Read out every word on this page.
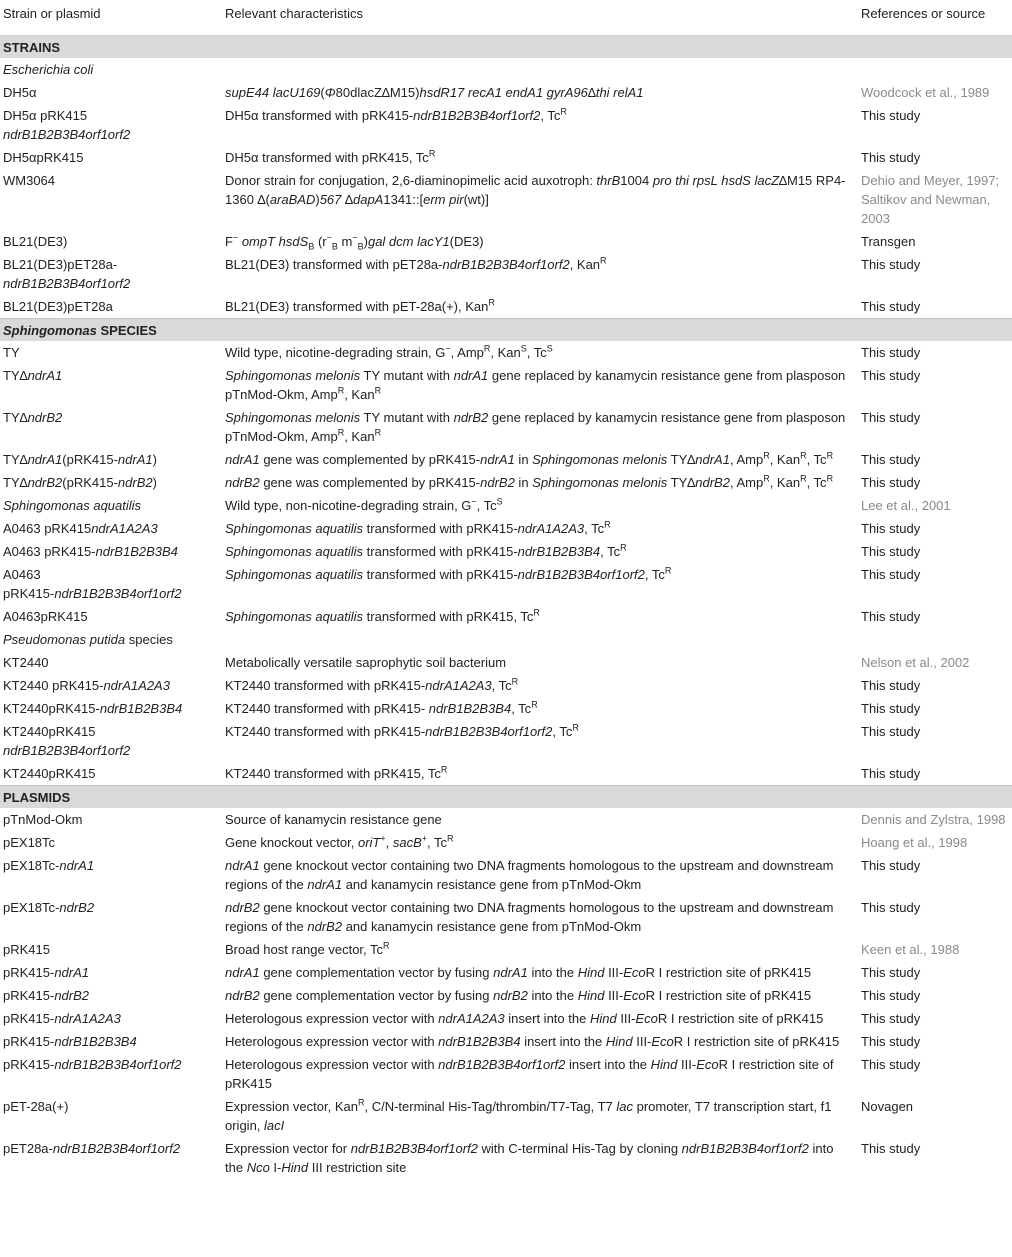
Strain or plasmid	Relevant characteristics	References or source
STRAINS		
Escherichia coli		
DH5α	supE44 lacU169(Φ80dlacZ∆M15)hsdR17 recA1 endA1 gyrA96∆thi relA1	Woodcock et al., 1989
DH5α pRK415
ndrB1B2B3B4orf1orf2	DH5α transformed with pRK415-ndrB1B2B3B4orf1orf2, $Tc^R$	This study
DH5αpRK415	DH5α transformed with pRK415, $Tc^R$	This study
WM3064	Donor strain for conjugation, 2,6-diaminopimelic acid auxotroph: thrB1004 pro thi rpsL hsdS lacZ∆M15 RP4-1360 ∆(araBAD)567 ∆dapA1341::[erm pir(wt)]	Dehio and Meyer, 1997; Saltikov and Newman, 2003
BL21(DE3)	F− ompT hsdS$_B$ ($r^-_B$ $m^-_B)gal$ dcm lacY1(DE3)	Transgen
BL21(DE3)pET28a-
ndrB1B2B3B4orf1orf2	BL21(DE3) transformed with pET28a-ndrB1B2B3B4orf1orf2, Kan$^R$	This study
BL21(DE3)pET28a	BL21(DE3) transformed with pET-28a(+), Kan$^R$	This study
Sphingomonas SPECIES		
TY	Wild type, nicotine-degrading strain, G−, Amp$^R$, Kan$^S$, $Tc^S$	This study
TY∆ndrA1	Sphingomonas melonis TY mutant with ndrA1 gene replaced by kanamycin resistance gene from plasposon pTnMod-Okm, Amp$^R$, Kan$^R$	This study
TY∆ndrB2	Sphingomonas melonis TY mutant with ndrB2 gene replaced by kanamycin resistance gene from plasposon pTnMod-Okm, Amp$^R$, Kan$^R$	This study
TY∆ndrA1(pRK415-ndrA1)	ndrA1 gene was complemented by pRK415-ndrA1 in Sphingomonas melonis TY∆ndrA1, Amp$^R$, Kan$^R$, $Tc^R$	This study
TY∆ndrB2(pRK415-ndrB2)	ndrB2 gene was complemented by pRK415-ndrB2 in Sphingomonas melonis TY∆ndrB2, Amp$^R$, Kan$^R$, $Tc^R$	This study
Sphingomonas aquatilis	Wild type, non-nicotine-degrading strain, G−, $Tc^S$	Lee et al., 2001
A0463 pRK415ndrA1A2A3	Sphingomonas aquatilis transformed with pRK415-ndrA1A2A3, $Tc^R$	This study
A0463 pRK415-ndrB1B2B3B4	Sphingomonas aquatilis transformed with pRK415-ndrB1B2B3B4, $Tc^R$	This study
A0463
pRK415-ndrB1B2B3B4orf1orf2	Sphingomonas aquatilis transformed with pRK415-ndrB1B2B3B4orf1orf2, $Tc^R$	This study
A0463pRK415	Sphingomonas aquatilis transformed with pRK415, $Tc^R$	This study
Pseudomonas putida species		
KT2440	Metabolically versatile saprophytic soil bacterium	Nelson et al., 2002
KT2440 pRK415-ndrA1A2A3	KT2440 transformed with pRK415-ndrA1A2A3, $Tc^R$	This study
KT2440pRK415-ndrB1B2B3B4	KT2440 transformed with pRK415- ndrB1B2B3B4, $Tc^R$	This study
KT2440pRK415
ndrB1B2B3B4orf1orf2	KT2440 transformed with pRK415-ndrB1B2B3B4orf1orf2, $Tc^R$	This study
KT2440pRK415	KT2440 transformed with pRK415, $Tc^R$	This study
PLASMIDS		
pTnMod-Okm	Source of kanamycin resistance gene	Dennis and Zylstra, 1998
pEX18Tc	Gene knockout vector, oriT+, sacB+, $Tc^R$	Hoang et al., 1998
pEX18Tc-ndrA1	ndrA1 gene knockout vector containing two DNA fragments homologous to the upstream and downstream regions of the ndrA1 and kanamycin resistance gene from pTnMod-Okm	This study
pEX18Tc-ndrB2	ndrB2 gene knockout vector containing two DNA fragments homologous to the upstream and downstream regions of the ndrB2 and kanamycin resistance gene from pTnMod-Okm	This study
pRK415	Broad host range vector, $Tc^R$	Keen et al., 1988
pRK415-ndrA1	ndrA1 gene complementation vector by fusing ndrA1 into the Hind III-EcoR I restriction site of pRK415	This study
pRK415-ndrB2	ndrB2 gene complementation vector by fusing ndrB2 into the Hind III-EcoR I restriction site of pRK415	This study
pRK415-ndrA1A2A3	Heterologous expression vector with ndrA1A2A3 insert into the Hind III-EcoR I restriction site of pRK415	This study
pRK415-ndrB1B2B3B4	Heterologous expression vector with ndrB1B2B3B4 insert into the Hind III-EcoR I restriction site of pRK415	This study
pRK415-ndrB1B2B3B4orf1orf2	Heterologous expression vector with ndrB1B2B3B4orf1orf2 insert into the Hind III-EcoR I restriction site of pRK415	This study
pET-28a(+)	Expression vector, Kan$^R$, C/N-terminal His-Tag/thrombin/T7-Tag, T7 lac promoter, T7 transcription start, f1 origin, lacI	Novagen
pET28a-ndrB1B2B3B4orf1orf2	Expression vector for ndrB1B2B3B4orf1orf2 with C-terminal His-Tag by cloning ndrB1B2B3B4orf1orf2 into the Nco I-Hind III restriction site	This study
